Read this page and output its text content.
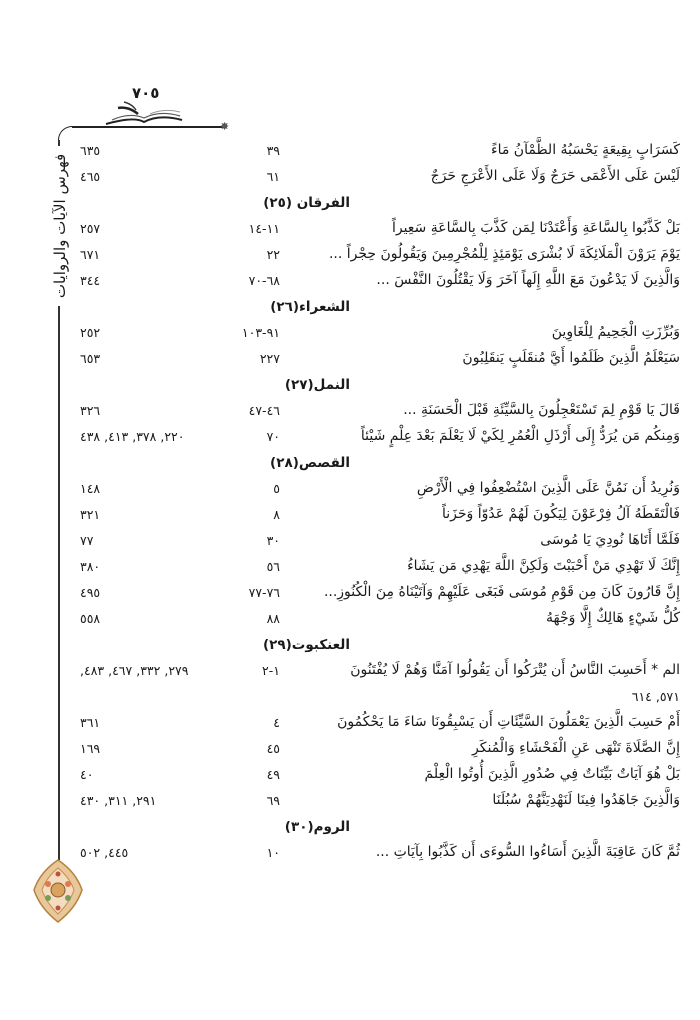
٧٠٥
✸
فهرس الآيات والروايات
كَسَرَابٍ بِقِيعَةٍ يَحْسَبُهُ الظَّمْآنُ مَاءً
٣٩
٦٣٥
لَيْسَ عَلَى الأَعْمَى حَرَجٌ وَلَا عَلَى الأَعْرَجِ حَرَجٌ
٦١
٤٦٥
الفرقان (٢٥)
بَلْ كَذَّبُوا بِالسَّاعَةِ وَأَعْتَدْنَا لِمَن كَذَّبَ بِالسَّاعَةِ سَعِيراً
١١-١٤
٢٥٧
يَوْمَ يَرَوْنَ الْمَلَائِكَةَ لَا بُشْرَى يَوْمَئِذٍ لِلْمُجْرِمِينَ وَيَقُولُونَ حِجْراً ...
٢٢
٦٧١
وَالَّذِينَ لَا يَدْعُونَ مَعَ اللَّهِ إِلَهاً آخَرَ وَلَا يَقْتُلُونَ النَّفْسَ ...
٦٨-٧٠
٣٤٤
الشعراء(٢٦)
وَبُرِّزَتِ الْجَحِيمُ لِلْغَاوِينَ
٩١-١٠٣
٢٥٢
سَيَعْلَمُ الَّذِينَ ظَلَمُوا أَيَّ مُنقَلَبٍ يَنقَلِبُونَ
٢٢٧
٦٥٣
النمل(٢٧)
قَالَ يَا قَوْمِ لِمَ تَسْتَعْجِلُونَ بِالسَّيِّئَةِ قَبْلَ الْحَسَنَةِ ...
٤٦-٤٧
٣٢٦
وَمِنكُم مَن يُرَدُّ إِلَى أَرْذَلِ الْعُمُرِ لِكَيْ لَا يَعْلَمَ بَعْدَ عِلْمٍ شَيْئاً
٧٠
٢٢٠, ٣٧٨, ٤١٣, ٤٣٨
القصص(٢٨)
وَنُرِيدُ أَن نَمُنَّ عَلَى الَّذِينَ اسْتُضْعِفُوا فِي الْأَرْضِ
٥
١٤٨
فَالْتَقَطَهُ آلُ فِرْعَوْنَ لِيَكُونَ لَهُمْ عَدُوّاً وَحَزَناً
٨
٣٢١
فَلَمَّا أَتَاهَا نُودِيَ يَا مُوسَى
٣٠
٧٧
إِنَّكَ لَا تَهْدِي مَنْ أَحْبَبْتَ وَلَكِنَّ اللَّهَ يَهْدِي مَن يَشَاءُ
٥٦
٣٨٠
إِنَّ قَارُونَ كَانَ مِن قَوْمِ مُوسَى فَبَغَى عَلَيْهِمْ وَآتَيْنَاهُ مِنَ الْكُنُوزِ...
٧٦-٧٧
٤٩٥
كُلُّ شَيْءٍ هَالِكٌ إِلَّا وَجْهَهُ
٨٨
٥٥٨
العنكبوت(٢٩)
الم * أَحَسِبَ النَّاسُ أَن يُتْرَكُوا أَن يَقُولُوا آمَنَّا وَهُمْ لَا يُفْتَنُونَ
١-٢
٢٧٩, ٣٣٢, ٤٦٧, ٤٨٣,
٥٧١, ٦١٤
أَمْ حَسِبَ الَّذِينَ يَعْمَلُونَ السَّيِّئَاتِ أَن يَسْبِقُونَا سَاءَ مَا يَحْكُمُونَ
٤
٣٦١
إِنَّ الصَّلَاةَ تَنْهَى عَنِ الْفَحْشَاءِ وَالْمُنكَرِ
٤٥
١٦٩
بَلْ هُوَ آيَاتٌ بَيِّنَاتٌ فِي صُدُورِ الَّذِينَ أُوتُوا الْعِلْمَ
٤٩
٤٠
وَالَّذِينَ جَاهَدُوا فِينَا لَنَهْدِيَنَّهُمْ سُبُلَنَا
٦٩
٢٩١, ٣١١, ٤٣٠
الروم(٣٠)
ثُمَّ كَانَ عَاقِبَةَ الَّذِينَ أَسَاءُوا السُّوءَى أَن كَذَّبُوا بِآيَاتِ ...
١٠
٤٤٥, ٥٠٢
